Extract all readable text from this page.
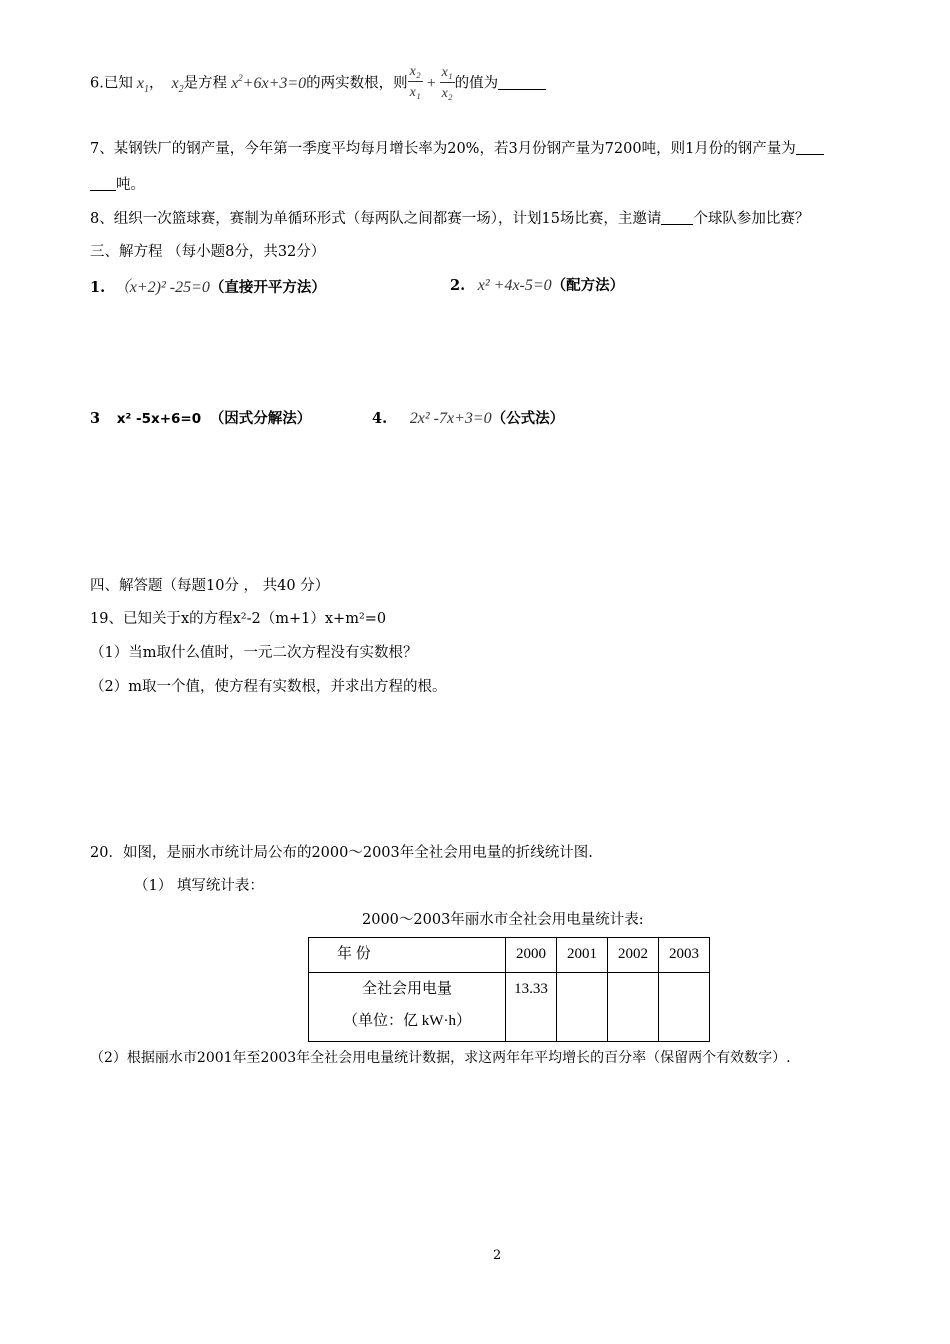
6.已知 $x_1$， $x_2$是方程 $x^2+6x+3=0$的两实数根，则 $\frac{\text{x₂}}{\text{x₁}} + \frac{\text{x₁}}{\text{x₂}}$ 的值为
7、某钢铁厂的钢产量，今年第一季度平均每月增长率为20%，若3月份钢产量为7200吨，则1月份的钢产量为
吨。
8、组织一次篮球赛，赛制为单循环形式（每两队之间都赛一场），计划15场比赛，主邀请 个球队参加比赛？
三、解方程 （每小题8分，共32分）
1. （x+2)² -25=0（直接开平方法）	2. x² +4x-5=0（配方法）
3 x² -5x+6=0 （因式分解法）	4. 2x² -7x+3=0（公式法）
四、解答题（每题10分 ， 共40 分）
19、已知关于x的方程x²-2（m+1）x+m²=0
（1）当m取什么值时，一元二次方程没有实数根？
（2）m取一个值，使方程有实数根，并求出方程的根。
20．如图，是丽水市统计局公布的2000～2003年全社会用电量的折线统计图.
（1） 填写统计表：
2000～2003年丽水市全社会用电量统计表:
年 份	2000	2001	2002	2003

全社会用电量
（单位：亿 kW·h）	13.33			
（2）根据丽水市2001年至2003年全社会用电量统计数据，求这两年年平均增长的百分率（保留两个有效数字）.
2
